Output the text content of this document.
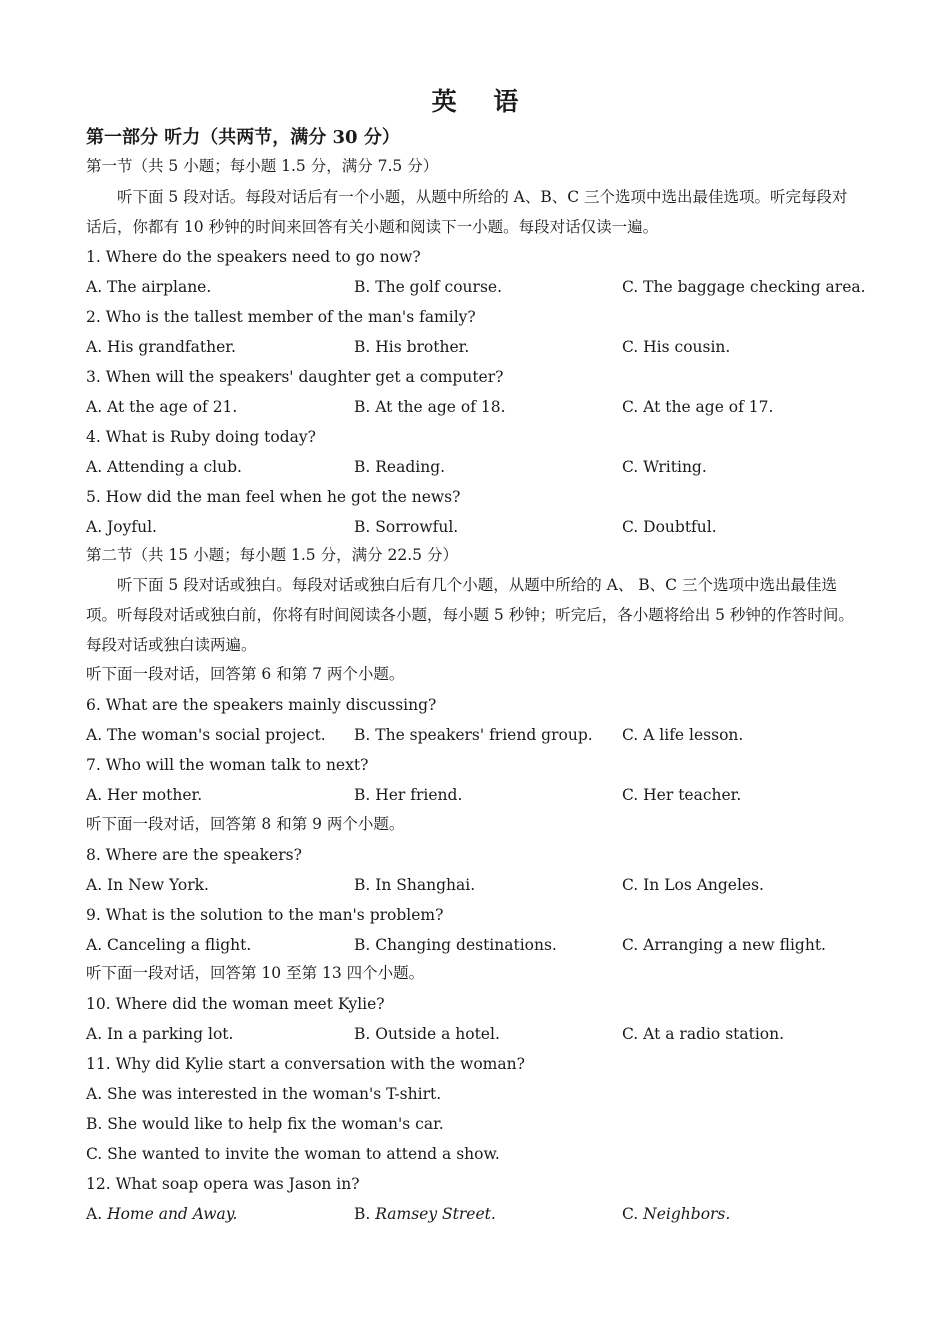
英 语
第一部分 听力（共两节，满分 30 分）
第一节（共 5 小题；每小题 1.5 分，满分 7.5 分）
听下面 5 段对话。每段对话后有一个小题，从题中所给的 A、B、C 三个选项中选出最佳选项。听完每段对话后，你都有 10 秒钟的时间来回答有关小题和阅读下一小题。每段对话仅读一遍。
1. Where do the speakers need to go now?
A. The airplane.	B. The golf course.	C. The baggage checking area.
2. Who is the tallest member of the man's family?
A. His grandfather.	B. His brother.	C. His cousin.
3. When will the speakers' daughter get a computer?
A. At the age of 21.	B. At the age of 18.	C. At the age of 17.
4. What is Ruby doing today?
A. Attending a club.	B. Reading.	C. Writing.
5. How did the man feel when he got the news?
A. Joyful.	B. Sorrowful.	C. Doubtful.
第二节（共 15 小题；每小题 1.5 分，满分 22.5 分）
听下面 5 段对话或独白。每段对话或独白后有几个小题，从题中所给的 A、 B、C 三个选项中选出最佳选项。听每段对话或独白前，你将有时间阅读各小题，每小题 5 秒钟；听完后，各小题将给出 5 秒钟的作答时间。每段对话或独白读两遍。
听下面一段对话，回答第 6 和第 7 两个小题。
6. What are the speakers mainly discussing?
A. The woman's social project. B. The speakers' friend group. C. A life lesson.
7. Who will the woman talk to next?
A. Her mother.	B. Her friend.	C. Her teacher.
听下面一段对话，回答第 8 和第 9 两个小题。
8. Where are the speakers?
A. In New York.	B. In Shanghai.	C. In Los Angeles.
9. What is the solution to the man's problem?
A. Canceling a flight.	B. Changing destinations.	C. Arranging a new flight.
听下面一段对话，回答第 10 至第 13 四个小题。
10. Where did the woman meet Kylie?
A. In a parking lot.	B. Outside a hotel.	C. At a radio station.
11. Why did Kylie start a conversation with the woman?
A. She was interested in the woman's T-shirt.
B. She would like to help fix the woman's car.
C. She wanted to invite the woman to attend a show.
12. What soap opera was Jason in?
A. Home and Away.	B. Ramsey Street.	C. Neighbors.
